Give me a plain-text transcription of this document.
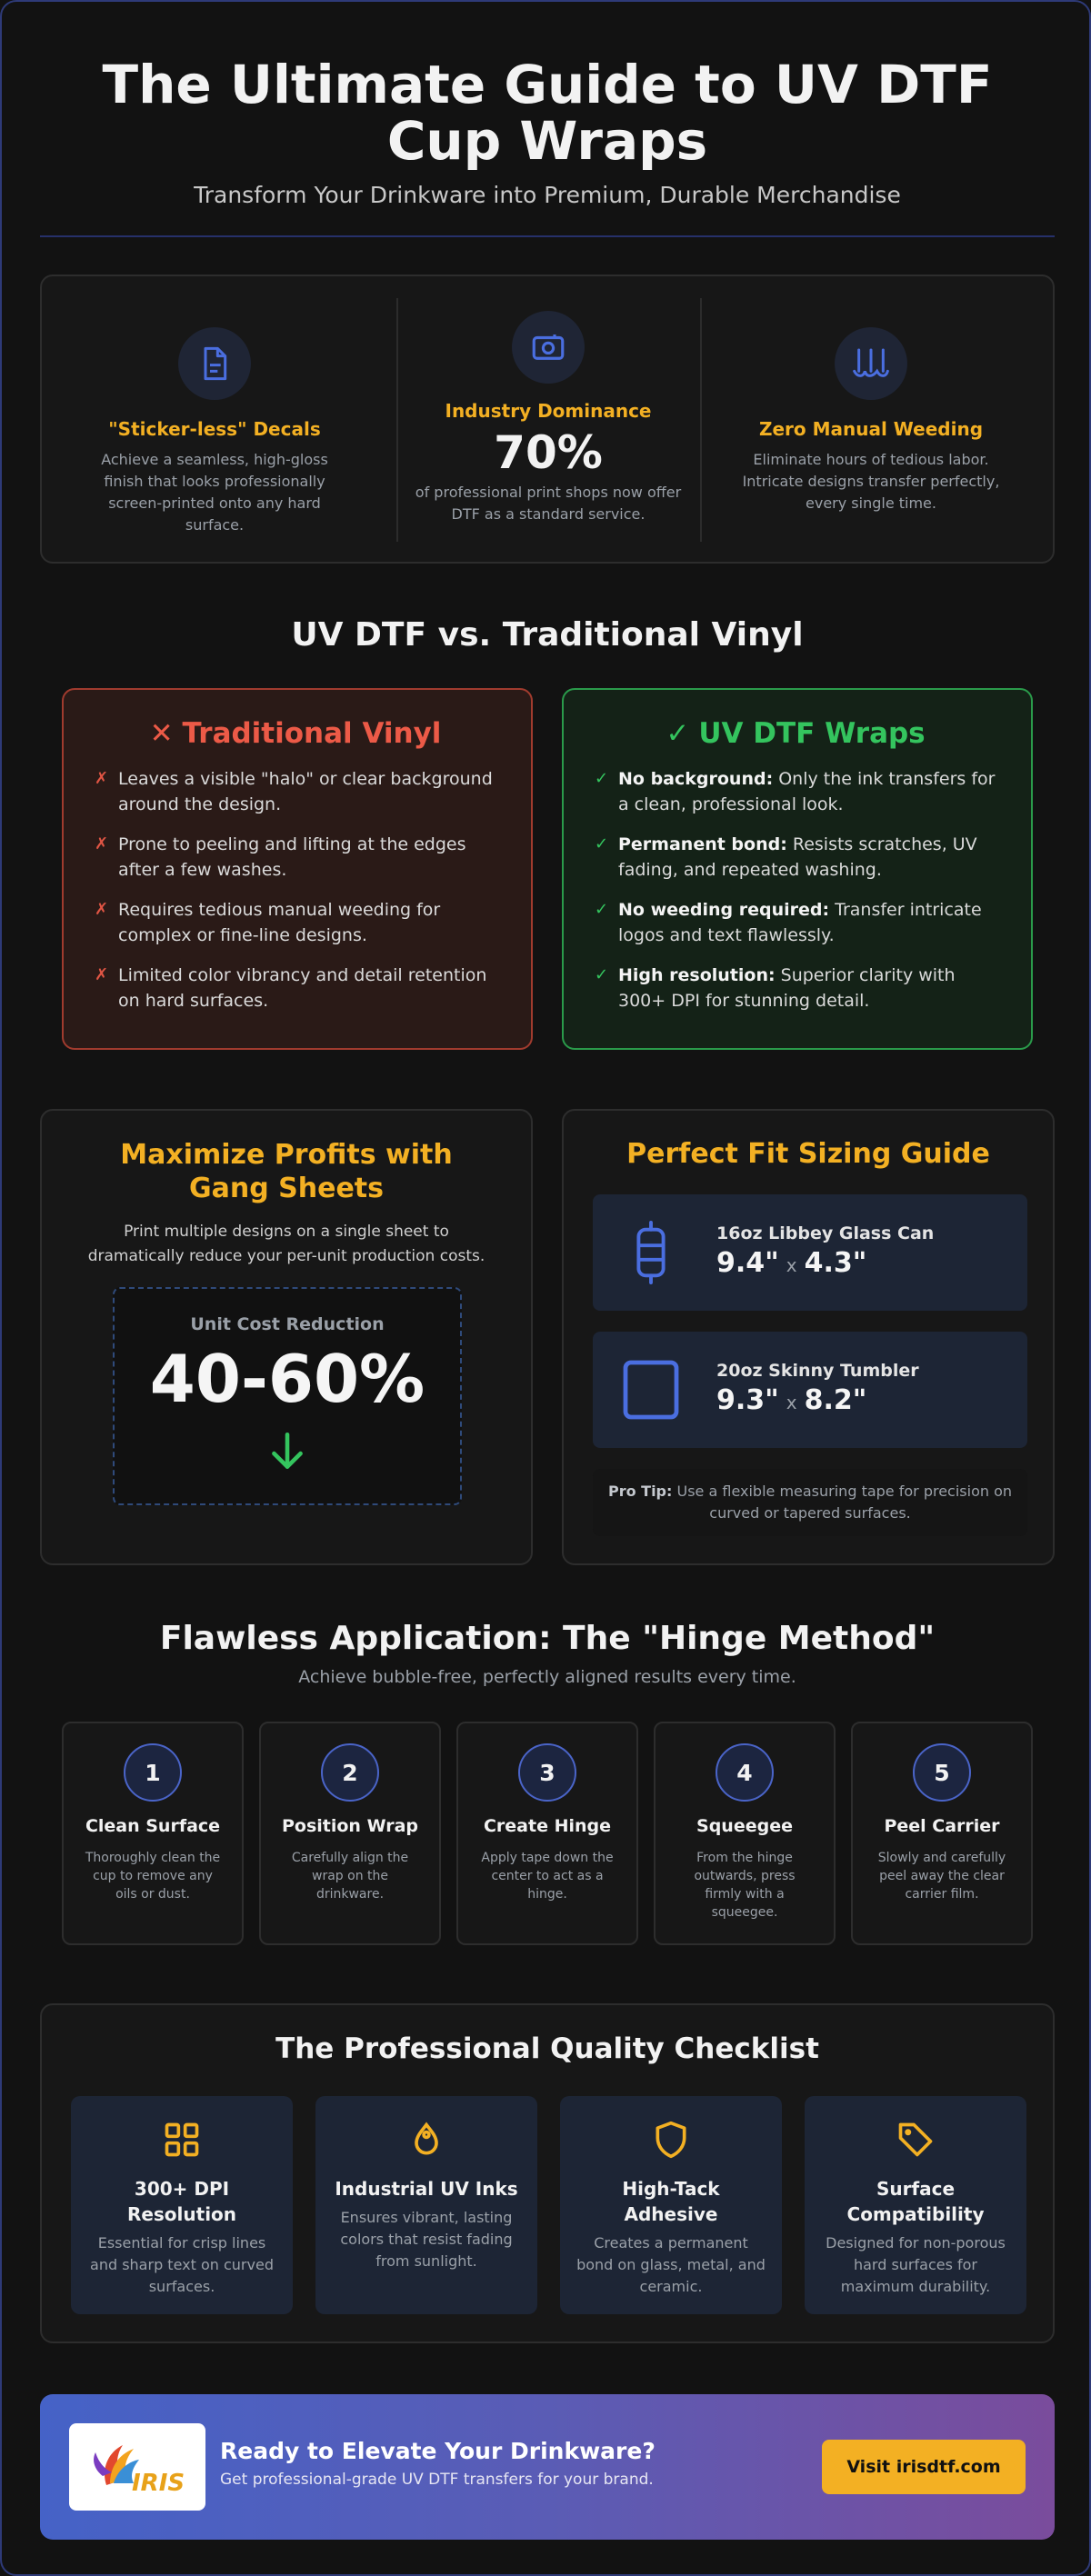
The Ultimate Guide to UV DTF Cup Wraps
Transform Your Drinkware into Premium, Durable Merchandise
"Sticker-less" Decals
Achieve a seamless, high-gloss finish that looks professionally screen-printed onto any hard surface.
Industry Dominance
70%
of professional print shops now offer DTF as a standard service.
Zero Manual Weeding
Eliminate hours of tedious labor. Intricate designs transfer perfectly, every single time.
UV DTF vs. Traditional Vinyl
✕ Traditional Vinyl
✗ Leaves a visible "halo" or clear background around the design.
✗ Prone to peeling and lifting at the edges after a few washes.
✗ Requires tedious manual weeding for complex or fine-line designs.
✗ Limited color vibrancy and detail retention on hard surfaces.
✓ UV DTF Wraps
✓ No background: Only the ink transfers for a clean, professional look.
✓ Permanent bond: Resists scratches, UV fading, and repeated washing.
✓ No weeding required: Transfer intricate logos and text flawlessly.
✓ High resolution: Superior clarity with 300+ DPI for stunning detail.
Maximize Profits with Gang Sheets
Print multiple designs on a single sheet to dramatically reduce your per-unit production costs.
Unit Cost Reduction
40-60%
Perfect Fit Sizing Guide
16oz Libbey Glass Can
9.4" x 4.3"
20oz Skinny Tumbler
9.3" x 8.2"
Pro Tip: Use a flexible measuring tape for precision on curved or tapered surfaces.
Flawless Application: The "Hinge Method"
Achieve bubble-free, perfectly aligned results every time.
1
Clean Surface
Thoroughly clean the cup to remove any oils or dust.
2
Position Wrap
Carefully align the wrap on the drinkware.
3
Create Hinge
Apply tape down the center to act as a hinge.
4
Squeegee
From the hinge outwards, press firmly with a squeegee.
5
Peel Carrier
Slowly and carefully peel away the clear carrier film.
The Professional Quality Checklist
300+ DPI Resolution
Essential for crisp lines and sharp text on curved surfaces.
Industrial UV Inks
Ensures vibrant, lasting colors that resist fading from sunlight.
High-Tack Adhesive
Creates a permanent bond on glass, metal, and ceramic.
Surface Compatibility
Designed for non-porous hard surfaces for maximum durability.
IRIS
Ready to Elevate Your Drinkware?
Get professional-grade UV DTF transfers for your brand.
Visit irisdtf.com
